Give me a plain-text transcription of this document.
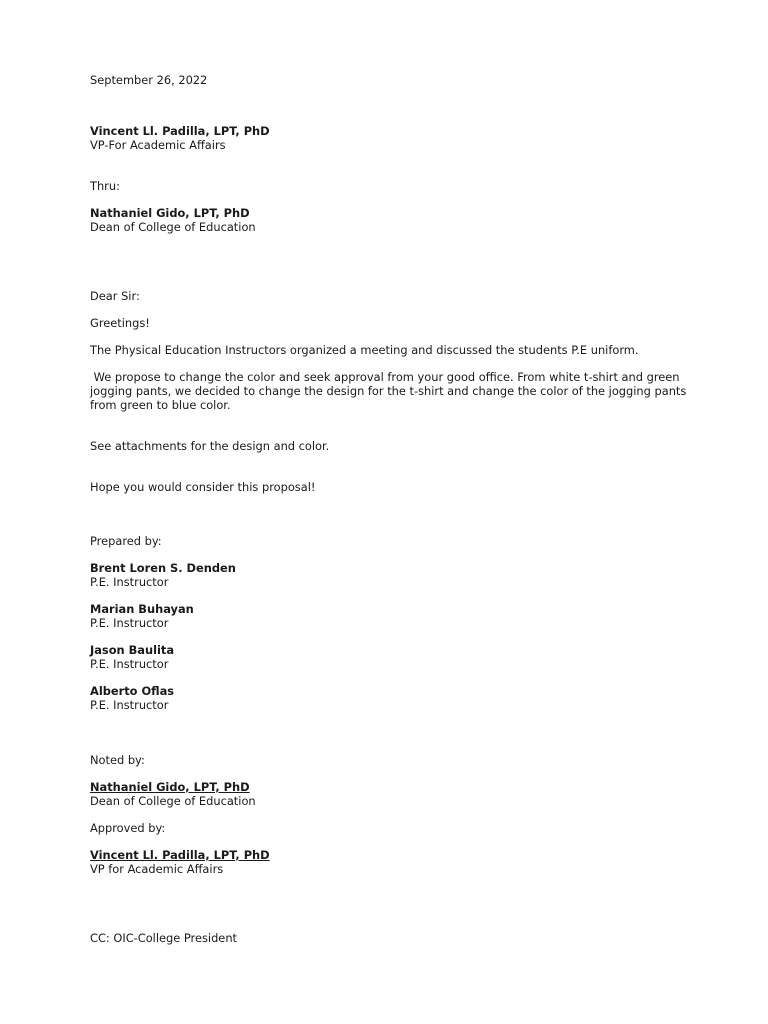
September 26, 2022
Vincent Ll. Padilla, LPT, PhD
VP-For Academic Affairs
Thru:
Nathaniel Gido, LPT, PhD
Dean of College of Education
Dear Sir:
Greetings!
The Physical Education Instructors organized a meeting and discussed the students P.E uniform.
We propose to change the color and seek approval from your good office. From white t-shirt and green
jogging pants, we decided to change the design for the t-shirt and change the color of the jogging pants
from green to blue color.
See attachments for the design and color.
Hope you would consider this proposal!
Prepared by:
Brent Loren S. Denden
P.E. Instructor
Marian Buhayan
P.E. Instructor
Jason Baulita
P.E. Instructor
Alberto Oflas
P.E. Instructor
Noted by:
Nathaniel Gido, LPT, PhD
Dean of College of Education
Approved by:
Vincent Ll. Padilla, LPT, PhD
VP for Academic Affairs
CC: OIC-College President
